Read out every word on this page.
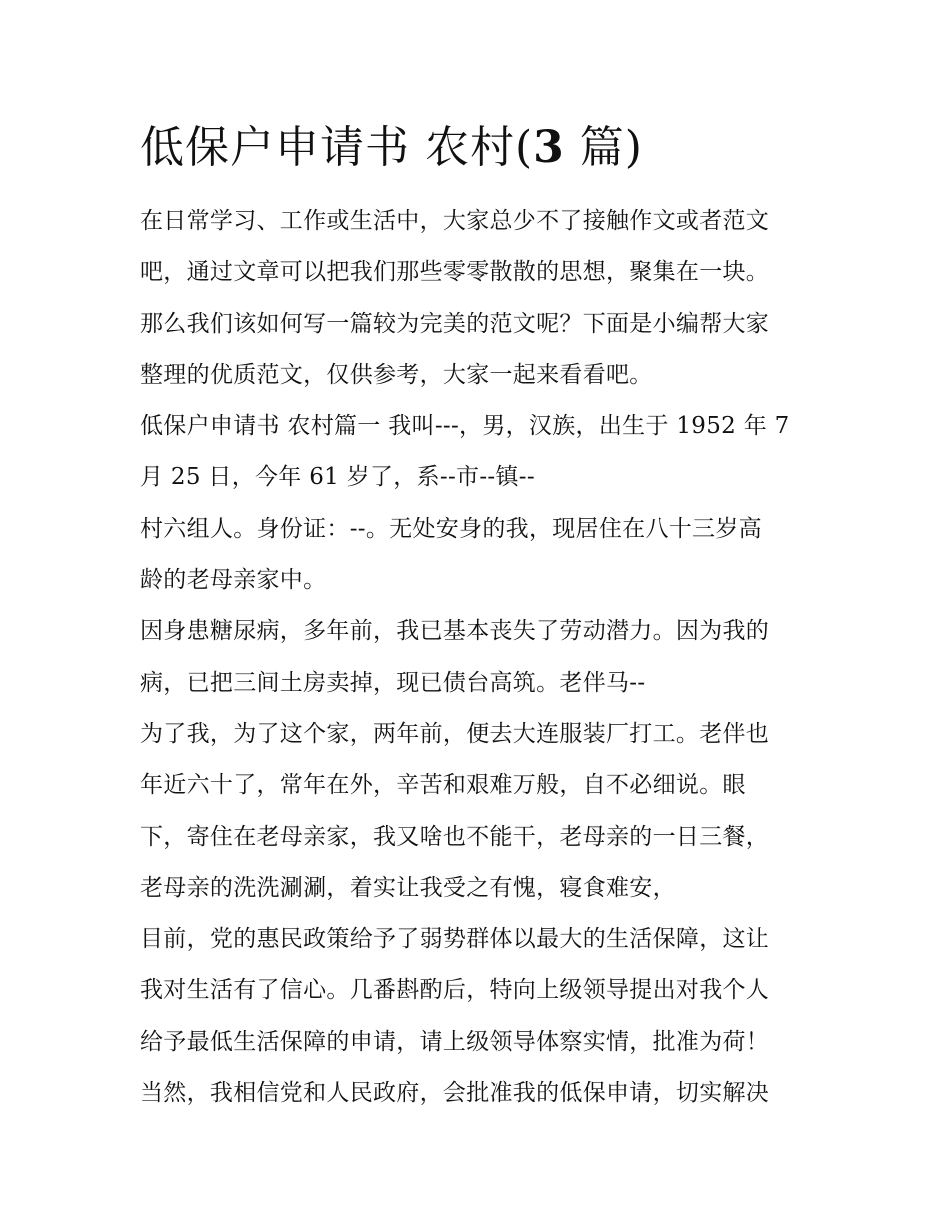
低保户申请书 农村(3 篇)
在日常学习、工作或生活中，大家总少不了接触作文或者范文
吧，通过文章可以把我们那些零零散散的思想，聚集在一块。
那么我们该如何写一篇较为完美的范文呢？下面是小编帮大家
整理的优质范文，仅供参考，大家一起来看看吧。
低保户申请书 农村篇一 我叫---，男，汉族，出生于 1952 年 7
月 25 日，今年 61 岁了，系--市--镇--
村六组人。身份证：--。无处安身的我，现居住在八十三岁高
龄的老母亲家中。
因身患糖尿病，多年前，我已基本丧失了劳动潜力。因为我的
病，已把三间土房卖掉，现已债台高筑。老伴马--
为了我，为了这个家，两年前，便去大连服装厂打工。老伴也
年近六十了，常年在外，辛苦和艰难万般，自不必细说。眼
下，寄住在老母亲家，我又啥也不能干，老母亲的一日三餐，
老母亲的洗洗涮涮，着实让我受之有愧，寝食难安，
目前，党的惠民政策给予了弱势群体以最大的生活保障，这让
我对生活有了信心。几番斟酌后，特向上级领导提出对我个人
给予最低生活保障的申请，请上级领导体察实情，批准为荷！
当然，我相信党和人民政府，会批准我的低保申请，切实解决
